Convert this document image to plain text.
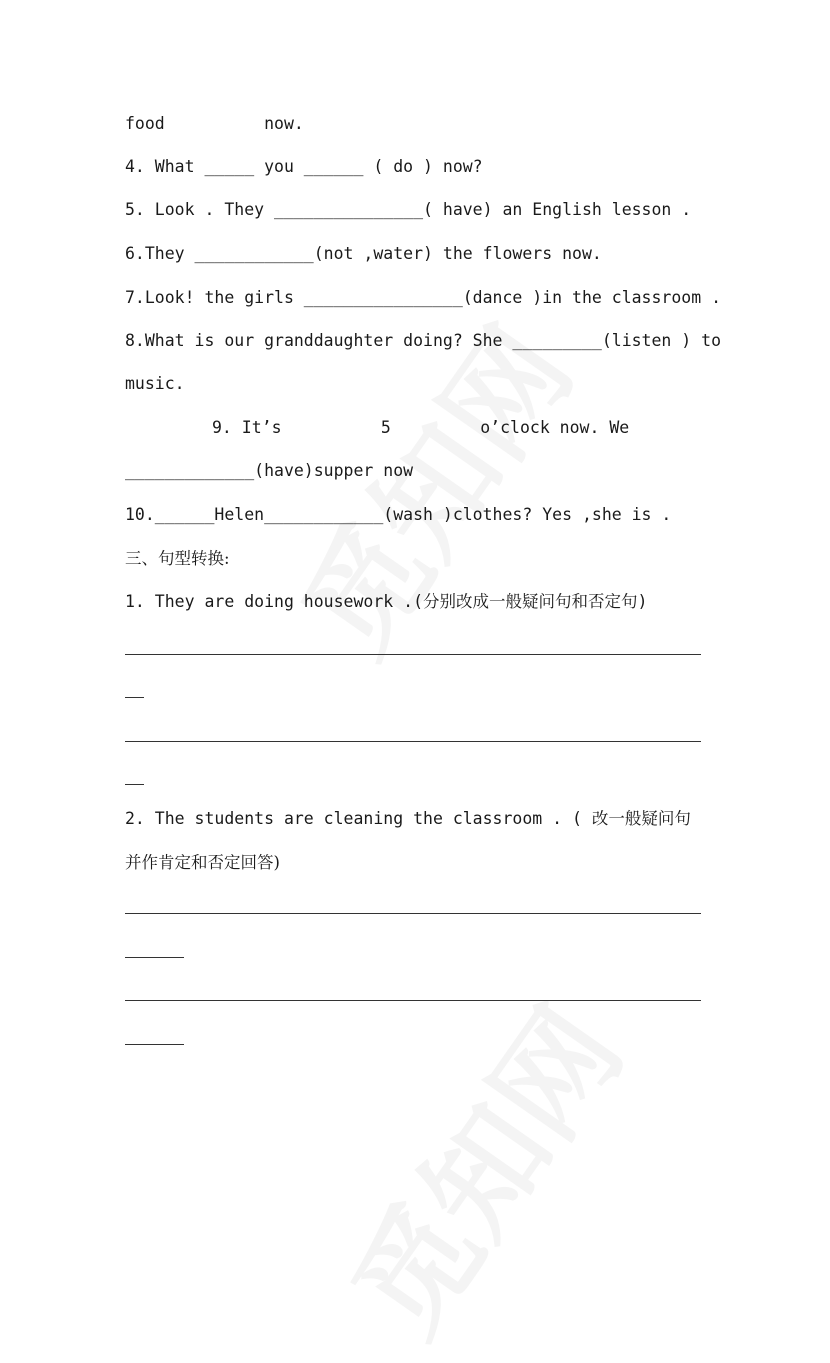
food          now.
4. What _____ you ______ ( do ) now?
5. Look . They _______________( have) an English lesson .
6.They ____________(not ,water) the flowers now.
7.Look! the girls ________________(dance )in the classroom .
8.What is our granddaughter doing? She _________(listen ) to
music.
9. It’s          5         o’clock now. We
_____________(have)supper now
10.______Helen____________(wash )clothes? Yes ,she is .
三、句型转换:
1. They are doing housework .(分别改成一般疑问句和否定句)
2. The students are cleaning the classroom . ( 改一般疑问句
并作肯定和否定回答)
